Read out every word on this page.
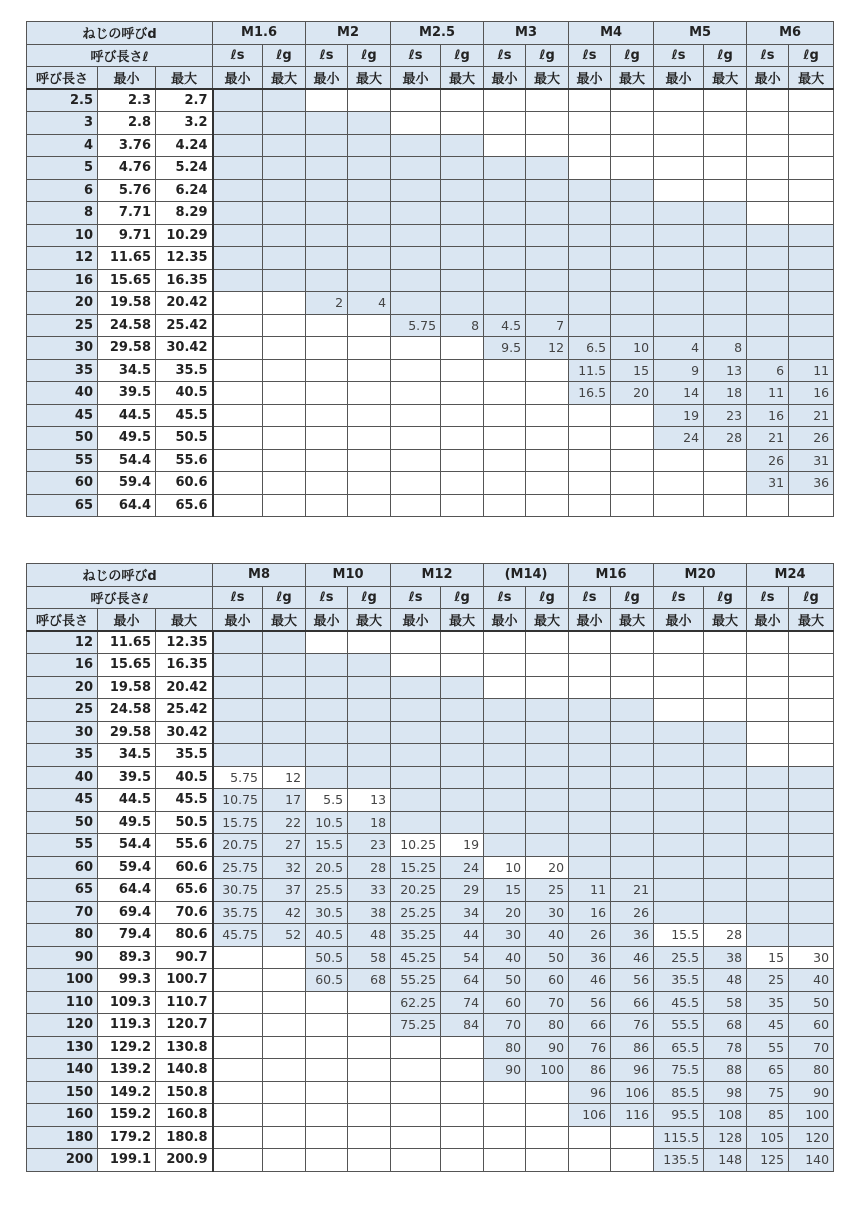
ねじの呼びd			M1.6		M2		M2.5		M3		M4		M5		M6	
呼び長さℓ			ℓs	ℓg	ℓs	ℓg	ℓs	ℓg	ℓs	ℓg	ℓs	ℓg	ℓs	ℓg	ℓs	ℓg
呼び長さ	最小	最大	最小	最大	最小	最大	最小	最大	最小	最大	最小	最大	最小	最大	最小	最大
2.5	2.3	2.7														
3	2.8	3.2														
4	3.76	4.24														
5	4.76	5.24														
6	5.76	6.24														
8	7.71	8.29														
10	9.71	10.29														
12	11.65	12.35														
16	15.65	16.35														
20	19.58	20.42			2	4										
25	24.58	25.42					5.75	8	4.5	7						
30	29.58	30.42							9.5	12	6.5	10	4	8		
35	34.5	35.5									11.5	15	9	13	6	11
40	39.5	40.5									16.5	20	14	18	11	16
45	44.5	45.5											19	23	16	21
50	49.5	50.5											24	28	21	26
55	54.4	55.6													26	31
60	59.4	60.6													31	36
65	64.4	65.6														
ねじの呼びd			M8		M10		M12		(M14)		M16		M20		M24	
呼び長さℓ			ℓs	ℓg	ℓs	ℓg	ℓs	ℓg	ℓs	ℓg	ℓs	ℓg	ℓs	ℓg	ℓs	ℓg
呼び長さ	最小	最大	最小	最大	最小	最大	最小	最大	最小	最大	最小	最大	最小	最大	最小	最大
12	11.65	12.35														
16	15.65	16.35														
20	19.58	20.42														
25	24.58	25.42														
30	29.58	30.42														
35	34.5	35.5														
40	39.5	40.5	5.75	12												
45	44.5	45.5	10.75	17	5.5	13										
50	49.5	50.5	15.75	22	10.5	18										
55	54.4	55.6	20.75	27	15.5	23	10.25	19								
60	59.4	60.6	25.75	32	20.5	28	15.25	24	10	20						
65	64.4	65.6	30.75	37	25.5	33	20.25	29	15	25	11	21				
70	69.4	70.6	35.75	42	30.5	38	25.25	34	20	30	16	26				
80	79.4	80.6	45.75	52	40.5	48	35.25	44	30	40	26	36	15.5	28		
90	89.3	90.7			50.5	58	45.25	54	40	50	36	46	25.5	38	15	30
100	99.3	100.7			60.5	68	55.25	64	50	60	46	56	35.5	48	25	40
110	109.3	110.7					62.25	74	60	70	56	66	45.5	58	35	50
120	119.3	120.7					75.25	84	70	80	66	76	55.5	68	45	60
130	129.2	130.8							80	90	76	86	65.5	78	55	70
140	139.2	140.8							90	100	86	96	75.5	88	65	80
150	149.2	150.8									96	106	85.5	98	75	90
160	159.2	160.8									106	116	95.5	108	85	100
180	179.2	180.8											115.5	128	105	120
200	199.1	200.9											135.5	148	125	140
